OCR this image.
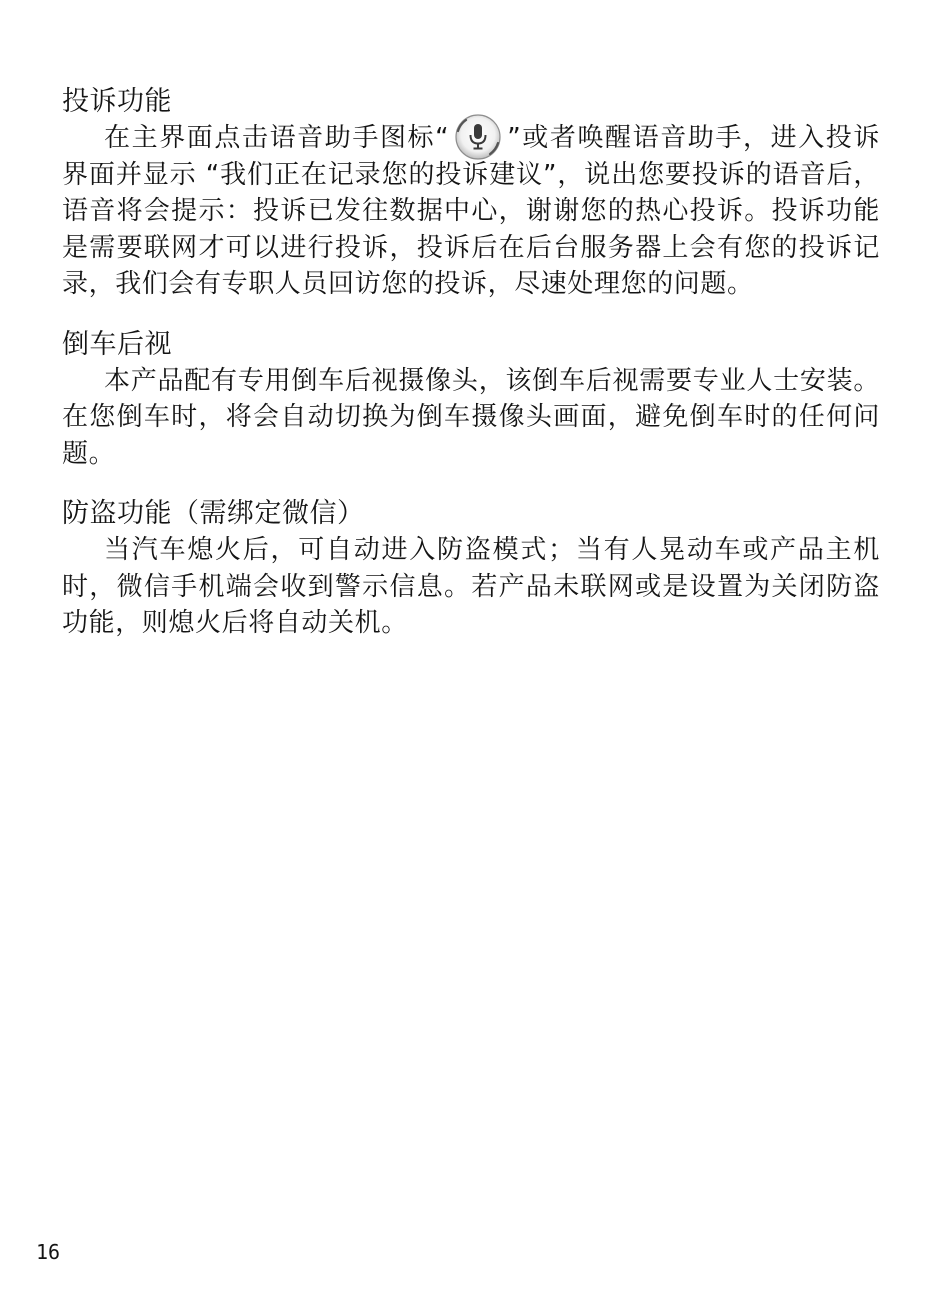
投诉功能

在主界面点击语音助手图标“ ”或者唤醒语音助手，进入投诉界面并显示 “我们正在记录您的投诉建议”，说出您要投诉的语音后，语音将会提示：投诉已发往数据中心，谢谢您的热心投诉。投诉功能是需要联网才可以进行投诉，投诉后在后台服务器上会有您的投诉记录，我们会有专职人员回访您的投诉，尽速处理您的问题。

倒车后视

本产品配有专用倒车后视摄像头，该倒车后视需要专业人士安装。在您倒车时，将会自动切换为倒车摄像头画面，避免倒车时的任何问题。

防盗功能（需绑定微信）

当汽车熄火后，可自动进入防盗模式；当有人晃动车或产品主机时，微信手机端会收到警示信息。若产品未联网或是设置为关闭防盗功能，则熄火后将自动关机。

16
